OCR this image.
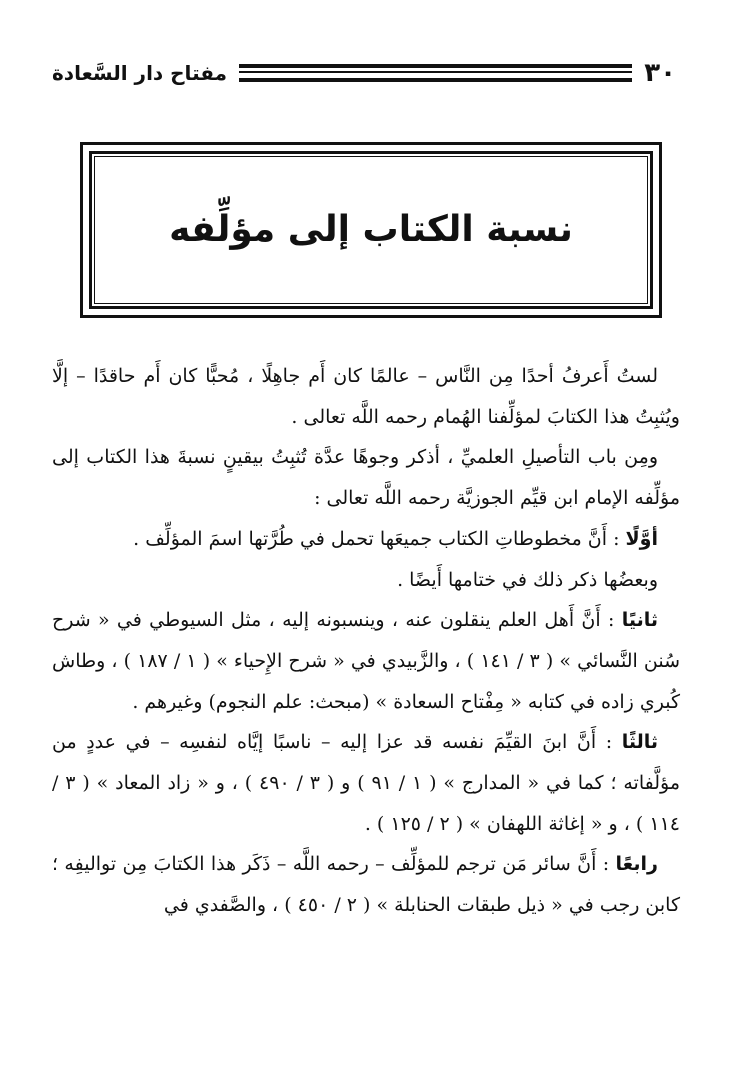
٣٠
مفتاح دار السَّعادة
نسبة الكتاب إلى مؤلِّفه

لستُ أَعرفُ أحدًا مِن النَّاس – عالمًا كان أَم جاهِلًا ، مُحبًّا كان أَم حاقدًا – إلَّا ويُثبِتُ هذا الكتابَ لمؤلِّفنا الهُمام رحمه اللَّه تعالى .

ومِن باب التأصيلِ العلميِّ ، أذكر وجوهًا عدَّة تُثبِتُ بيقينٍ نسبةَ هذا الكتاب إلى مؤلِّفه الإمام ابن قيِّم الجوزيَّة رحمه اللَّه تعالى :

أوَّلًا : أَنَّ مخطوطاتِ الكتاب جميعَها تحمل في طُرَّتها اسمَ المؤلِّف .

وبعضُها ذكر ذلك في ختامها أَيضًا .

ثانيًا : أَنَّ أَهل العلم ينقلون عنه ، وينسبونه إليه ، مثل السيوطي في « شرح سُنن النَّسائي » ( ٣ / ١٤١ ) ، والزَّبيدي في « شرح الإِحياء » ( ١ / ١٨٧ ) ، وطاش كُبري زاده في كتابه « مِفْتاح السعادة » (مبحث: علم النجوم) وغيرهم .

ثالثًا : أَنَّ ابنَ القيِّمَ نفسه قد عزا إليه – ناسبًا إيَّاه لنفسِه – في عددٍ من مؤلَّفاته ؛ كما في « المدارج » ( ١ / ٩١ ) و ( ٣ / ٤٩٠ ) ، و « زاد المعاد » ( ٣ / ١١٤ ) ، و « إغاثة اللهفان » ( ٢ / ١٢٥ ) .

رابعًا : أَنَّ سائر مَن ترجم للمؤلِّف – رحمه اللَّه – ذَكَر هذا الكتابَ مِن تواليفِه ؛ كابن رجب في « ذيل طبقات الحنابلة » ( ٢ / ٤٥٠ ) ، والصَّفدي في
